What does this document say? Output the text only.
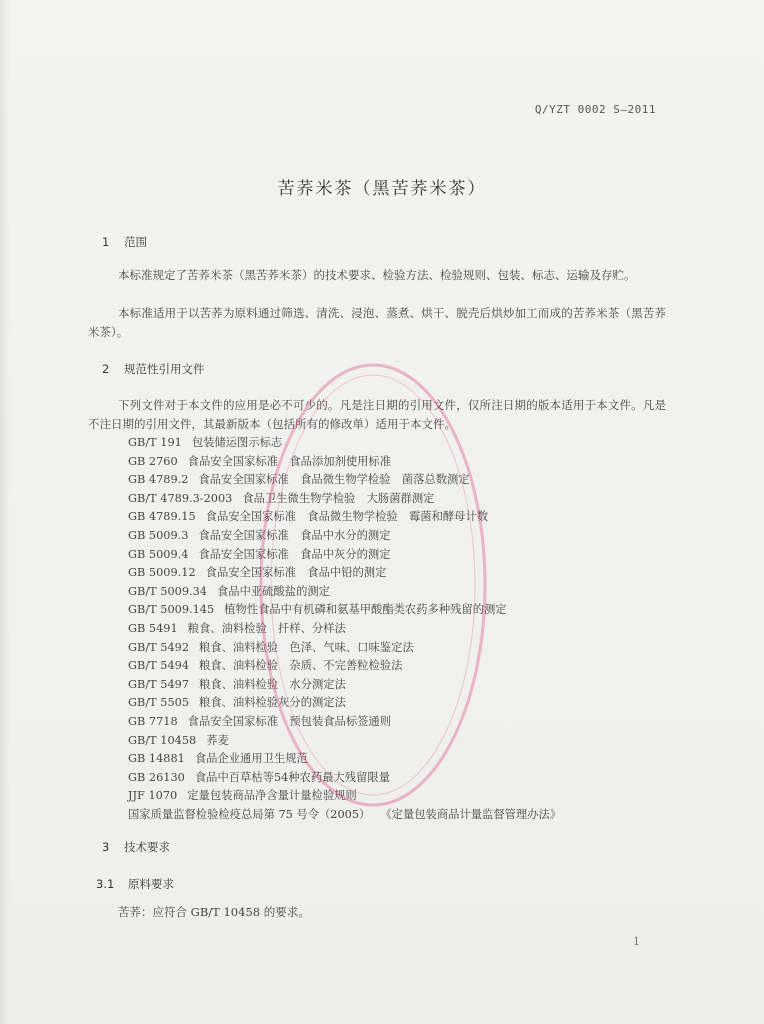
Q/YZT 0002 S—2011
苦荞米茶（黑苦荞米茶）
1 范围
本标准规定了苦荞米茶（黑苦荞米茶）的技术要求、检验方法、检验规则、包装、标志、运输及存贮。
本标准适用于以苦荞为原料通过筛选、清洗、浸泡、蒸煮、烘干、脱壳后烘炒加工而成的苦荞米茶（黑苦荞米茶）。
2 规范性引用文件
下列文件对于本文件的应用是必不可少的。凡是注日期的引用文件，仅所注日期的版本适用于本文件。凡是不注日期的引用文件，其最新版本（包括所有的修改单）适用于本文件。
GB/T 191 包装储运图示标志
GB 2760 食品安全国家标准　食品添加剂使用标准
GB 4789.2 食品安全国家标准　食品微生物学检验　菌落总数测定
GB/T 4789.3-2003 食品卫生微生物学检验　大肠菌群测定
GB 4789.15 食品安全国家标准　食品微生物学检验　霉菌和酵母计数
GB 5009.3 食品安全国家标准　食品中水分的测定
GB 5009.4 食品安全国家标准　食品中灰分的测定
GB 5009.12 食品安全国家标准　食品中铅的测定
GB/T 5009.34 食品中亚硫酸盐的测定
GB/T 5009.145 植物性食品中有机磷和氨基甲酸酯类农药多种残留的测定
GB 5491 粮食、油料检验　扦样、分样法
GB/T 5492 粮食、油料检验　色泽、气味、口味鉴定法
GB/T 5494 粮食、油料检验　杂质、不完善粒检验法
GB/T 5497 粮食、油料检验　水分测定法
GB/T 5505 粮食、油料检验灰分的测定法
GB 7718 食品安全国家标准　预包装食品标签通则
GB/T 10458 荞麦
GB 14881 食品企业通用卫生规范
GB 26130 食品中百草枯等54种农药最大残留限量
JJF 1070 定量包装商品净含量计量检验规则
国家质量监督检验检疫总局第 75 号令（2005） 《定量包装商品计量监督管理办法》
3 技术要求
3.1 原料要求
苦荞：应符合 GB/T 10458 的要求。
1
